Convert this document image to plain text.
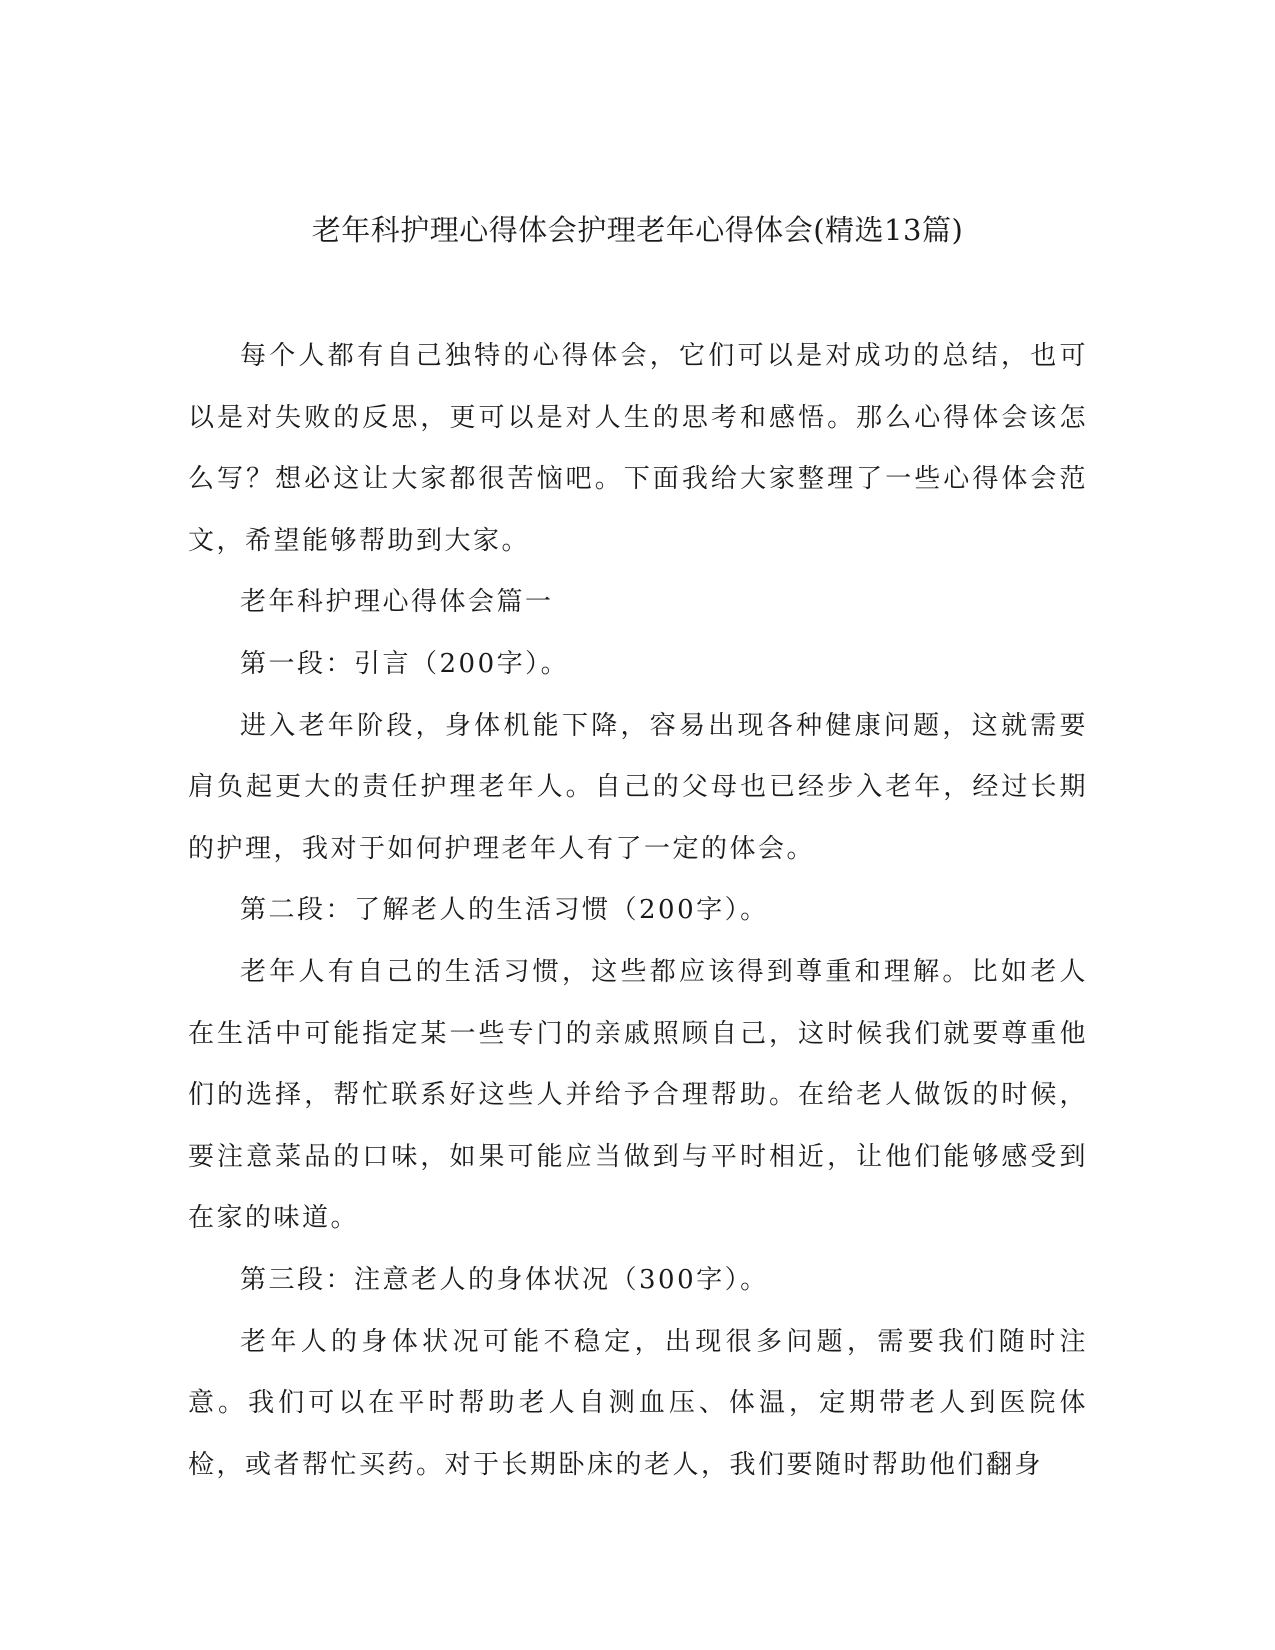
老年科护理心得体会护理老年心得体会(精选13篇)

每个人都有自己独特的心得体会，它们可以是对成功的总结，也可以是对失败的反思，更可以是对人生的思考和感悟。那么心得体会该怎么写？想必这让大家都很苦恼吧。下面我给大家整理了一些心得体会范文，希望能够帮助到大家。

老年科护理心得体会篇一

第一段：引言（200字）。

进入老年阶段，身体机能下降，容易出现各种健康问题，这就需要肩负起更大的责任护理老年人。自己的父母也已经步入老年，经过长期的护理，我对于如何护理老年人有了一定的体会。

第二段：了解老人的生活习惯（200字）。

老年人有自己的生活习惯，这些都应该得到尊重和理解。比如老人在生活中可能指定某一些专门的亲戚照顾自己，这时候我们就要尊重他们的选择，帮忙联系好这些人并给予合理帮助。在给老人做饭的时候，要注意菜品的口味，如果可能应当做到与平时相近，让他们能够感受到在家的味道。

第三段：注意老人的身体状况（300字）。

老年人的身体状况可能不稳定，出现很多问题，需要我们随时注意。我们可以在平时帮助老人自测血压、体温，定期带老人到医院体检，或者帮忙买药。对于长期卧床的老人，我们要随时帮助他们翻身
